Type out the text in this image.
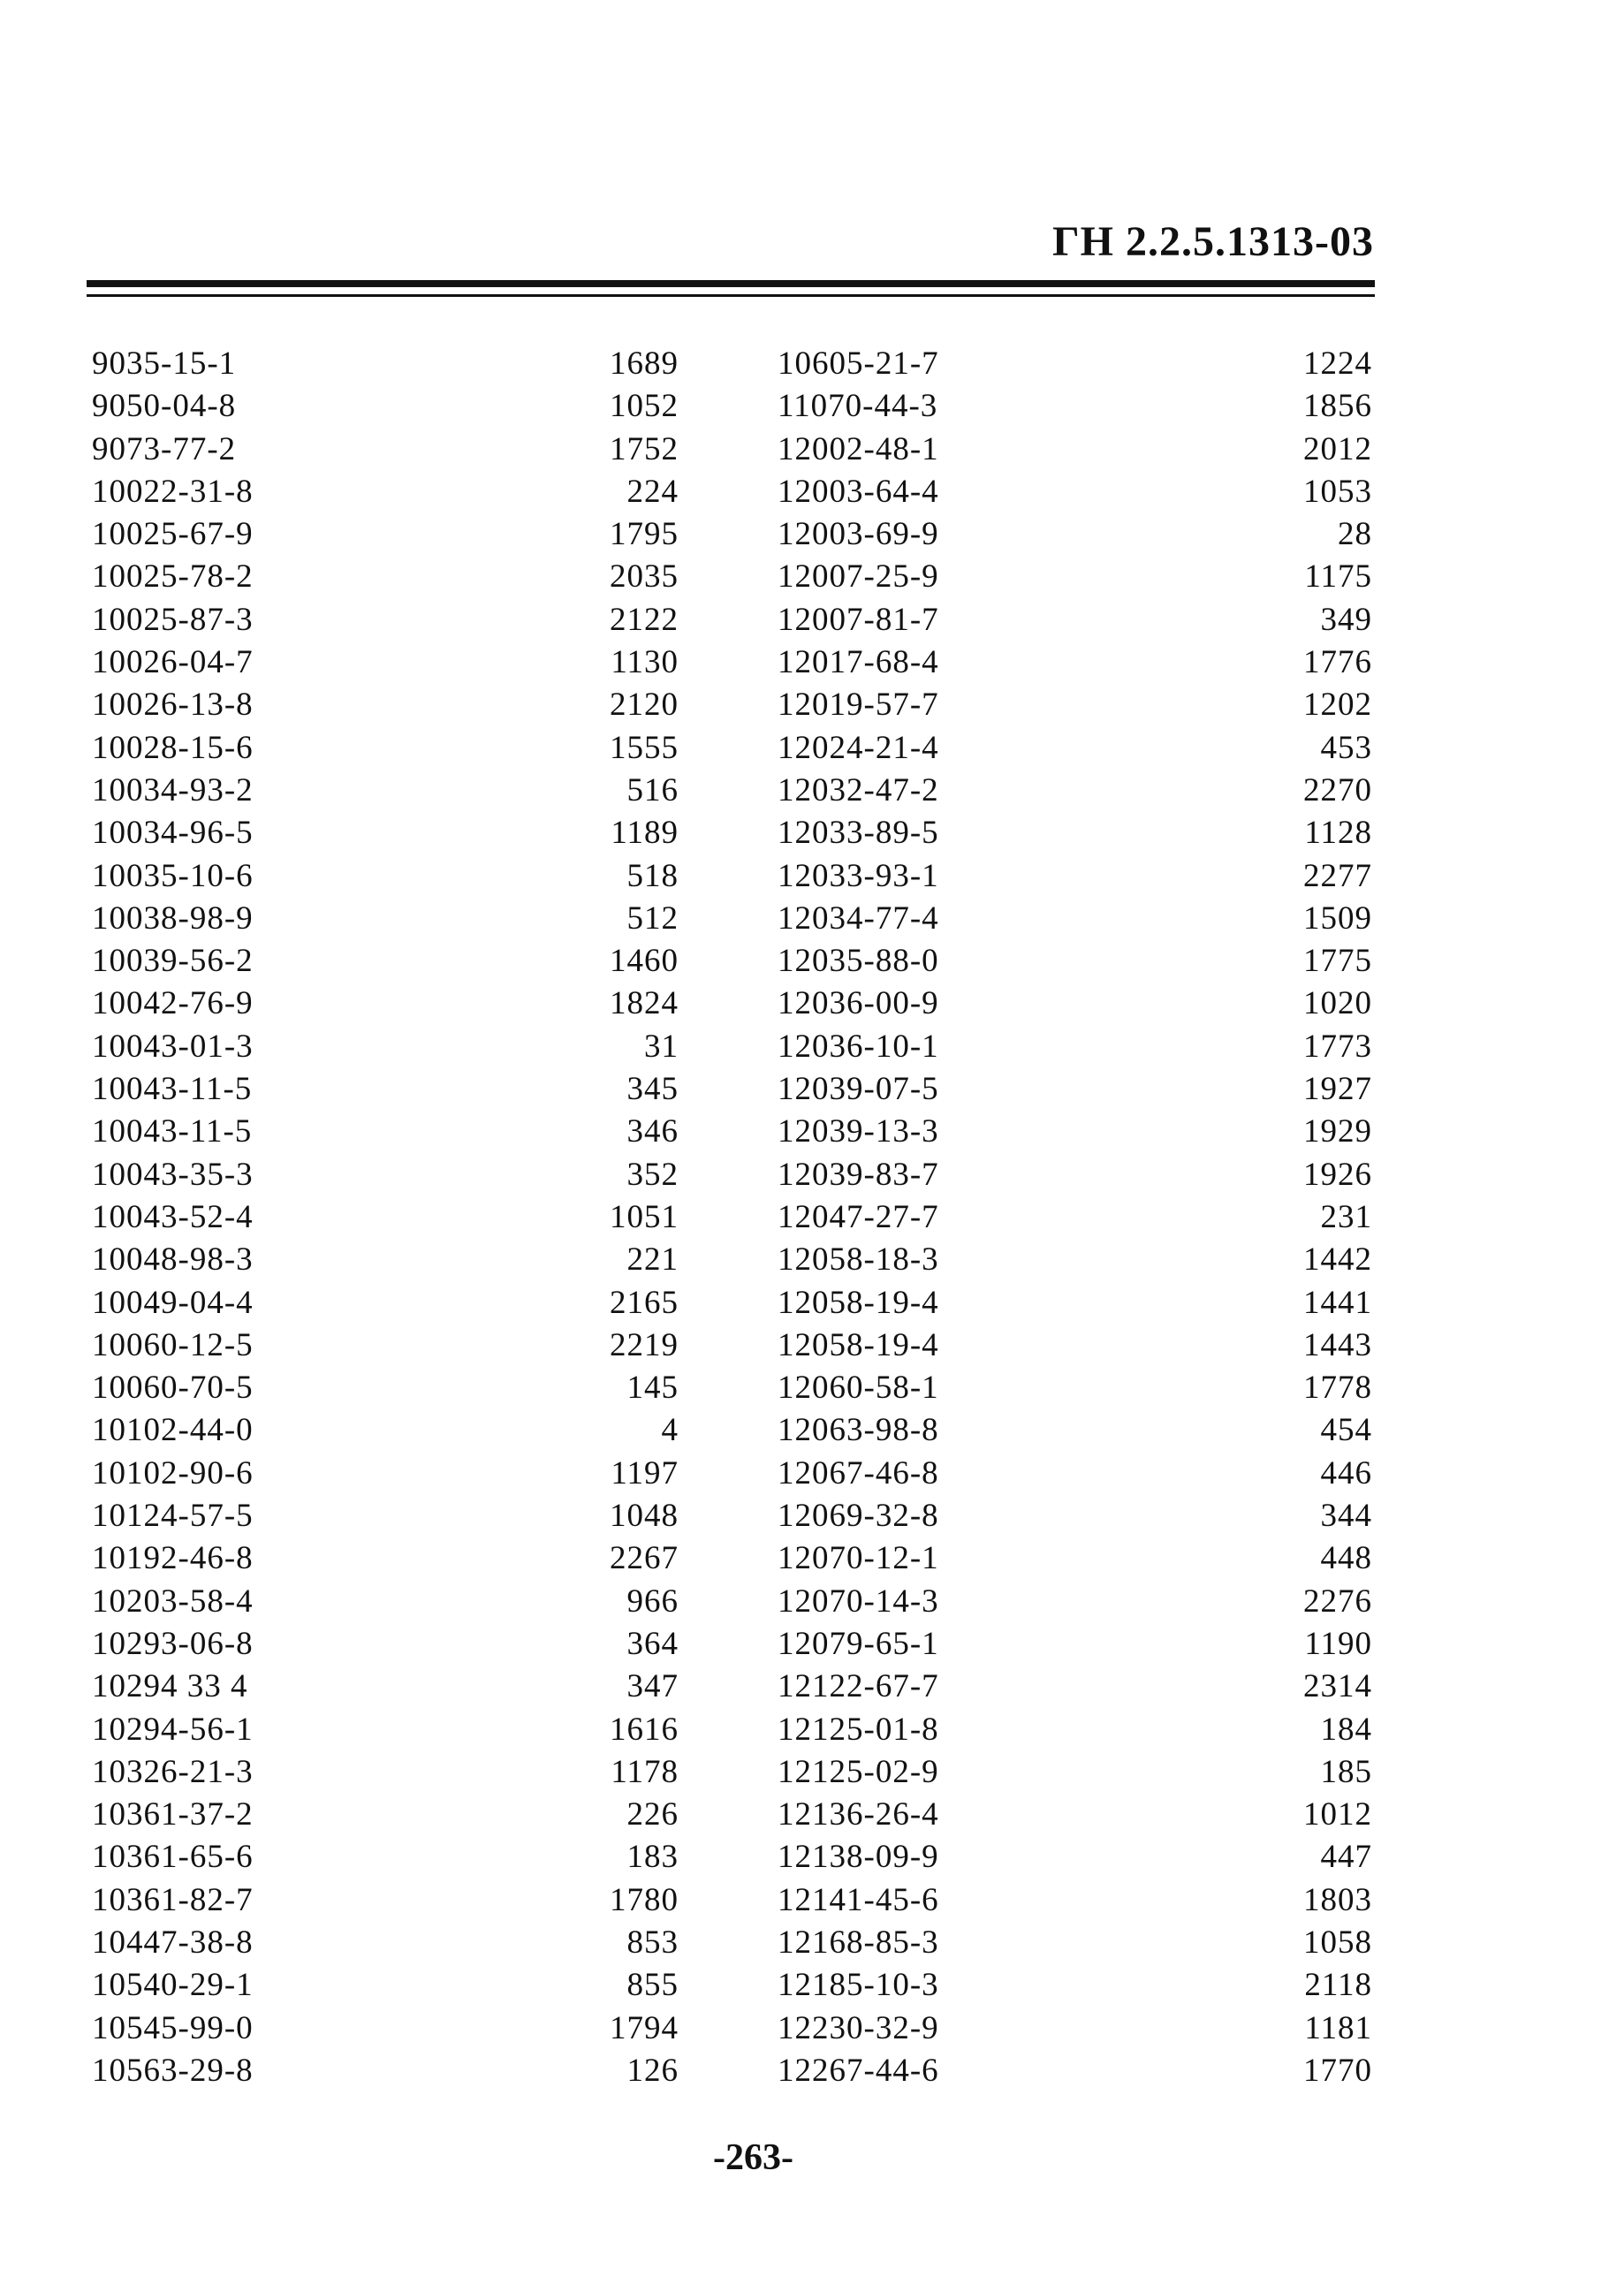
ГН 2.2.5.1313-03
9035-15-1	1689	10605-21-7	1224
9050-04-8	1052	11070-44-3	1856
9073-77-2	1752	12002-48-1	2012
10022-31-8	224	12003-64-4	1053
10025-67-9	1795	12003-69-9	28
10025-78-2	2035	12007-25-9	1175
10025-87-3	2122	12007-81-7	349
10026-04-7	1130	12017-68-4	1776
10026-13-8	2120	12019-57-7	1202
10028-15-6	1555	12024-21-4	453
10034-93-2	516	12032-47-2	2270
10034-96-5	1189	12033-89-5	1128
10035-10-6	518	12033-93-1	2277
10038-98-9	512	12034-77-4	1509
10039-56-2	1460	12035-88-0	1775
10042-76-9	1824	12036-00-9	1020
10043-01-3	31	12036-10-1	1773
10043-11-5	345	12039-07-5	1927
10043-11-5	346	12039-13-3	1929
10043-35-3	352	12039-83-7	1926
10043-52-4	1051	12047-27-7	231
10048-98-3	221	12058-18-3	1442
10049-04-4	2165	12058-19-4	1441
10060-12-5	2219	12058-19-4	1443
10060-70-5	145	12060-58-1	1778
10102-44-0	4	12063-98-8	454
10102-90-6	1197	12067-46-8	446
10124-57-5	1048	12069-32-8	344
10192-46-8	2267	12070-12-1	448
10203-58-4	966	12070-14-3	2276
10293-06-8	364	12079-65-1	1190
10294 33 4	347	12122-67-7	2314
10294-56-1	1616	12125-01-8	184
10326-21-3	1178	12125-02-9	185
10361-37-2	226	12136-26-4	1012
10361-65-6	183	12138-09-9	447
10361-82-7	1780	12141-45-6	1803
10447-38-8	853	12168-85-3	1058
10540-29-1	855	12185-10-3	2118
10545-99-0	1794	12230-32-9	1181
10563-29-8	126	12267-44-6	1770
-263-
